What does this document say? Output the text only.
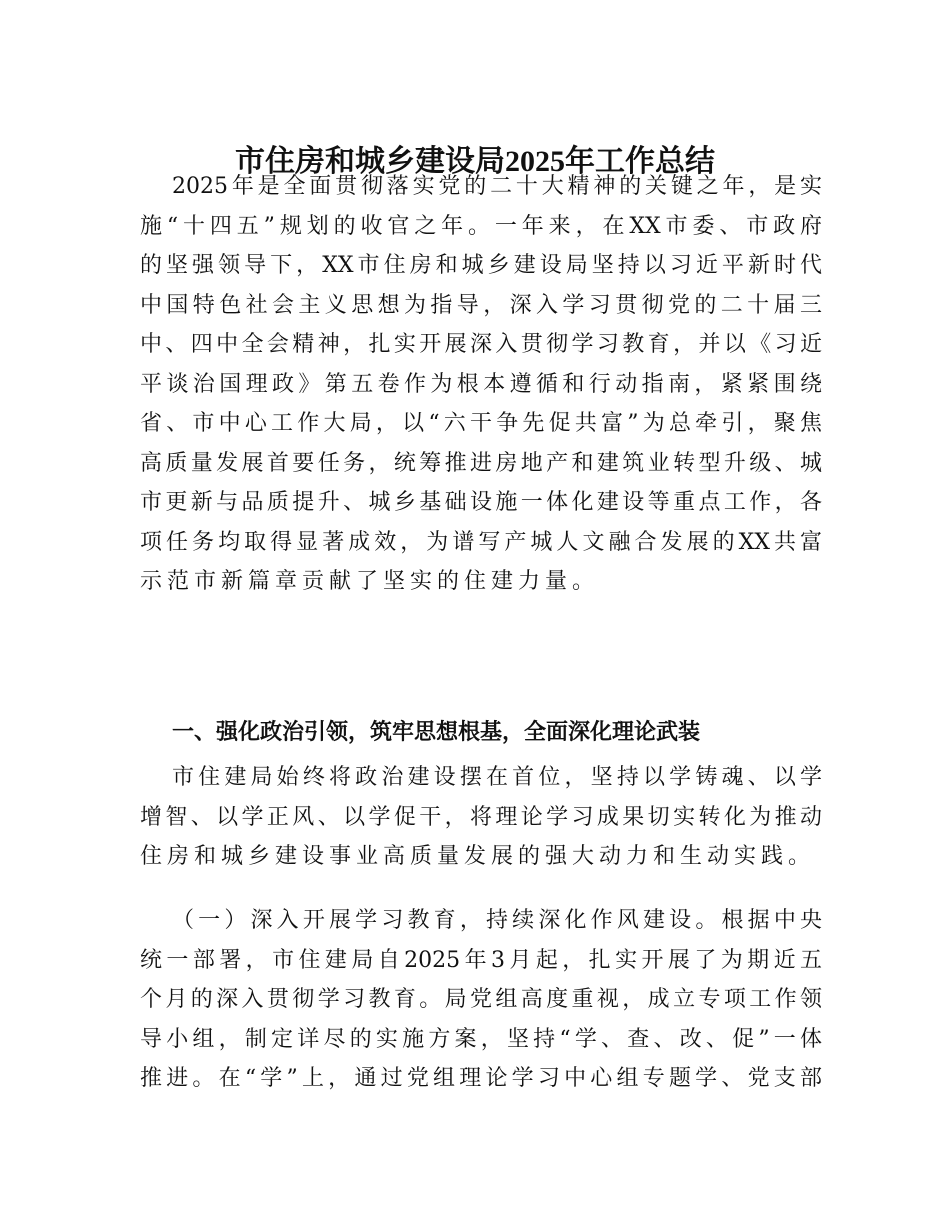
市住房和城乡建设局2025年工作总结
2025年是全面贯彻落实党的二十大精神的关键之年，是实
施“十四五”规划的收官之年。一年来，在XX市委、市政府
的坚强领导下，XX市住房和城乡建设局坚持以习近平新时代
中国特色社会主义思想为指导，深入学习贯彻党的二十届三
中、四中全会精神，扎实开展深入贯彻学习教育，并以《习近
平谈治国理政》第五卷作为根本遵循和行动指南，紧紧围绕
省、市中心工作大局，以“六干争先促共富”为总牵引，聚焦
高质量发展首要任务，统筹推进房地产和建筑业转型升级、城
市更新与品质提升、城乡基础设施一体化建设等重点工作，各
项任务均取得显著成效，为谱写产城人文融合发展的XX共富
示范市新篇章贡献了坚实的住建力量。
一、强化政治引领，筑牢思想根基，全面深化理论武装
市住建局始终将政治建设摆在首位，坚持以学铸魂、以学
增智、以学正风、以学促干，将理论学习成果切实转化为推动
住房和城乡建设事业高质量发展的强大动力和生动实践。
（一）深入开展学习教育，持续深化作风建设。根据中央
统一部署，市住建局自2025年3月起，扎实开展了为期近五
个月的深入贯彻学习教育。局党组高度重视，成立专项工作领
导小组，制定详尽的实施方案，坚持“学、查、改、促”一体
推进。在“学”上，通过党组理论学习中心组专题学、党支部
